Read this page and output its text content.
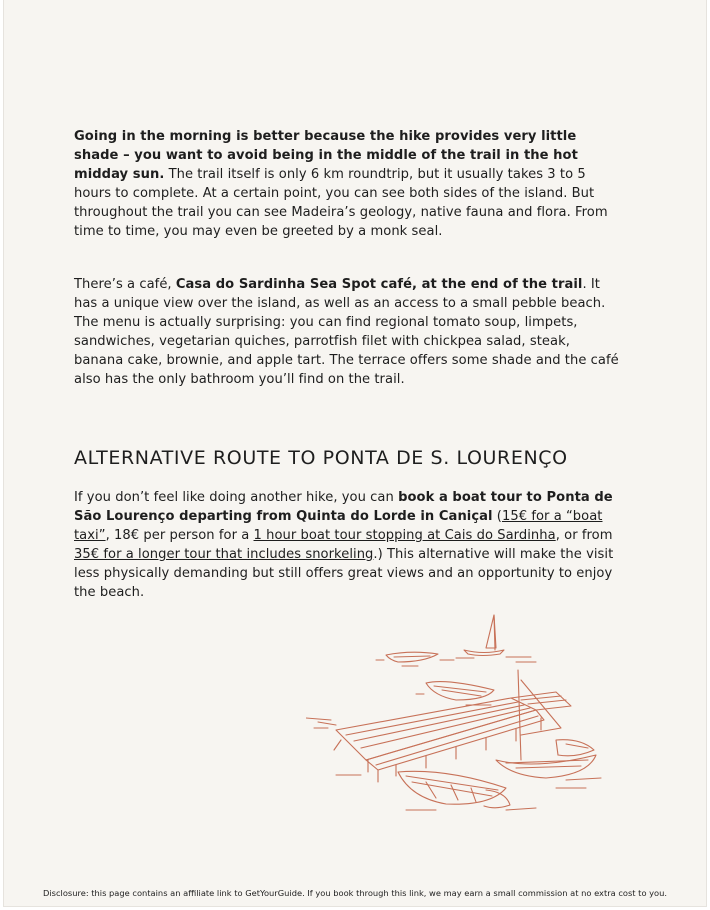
Going in the morning is better because the hike provides very little shade – you want to avoid being in the middle of the trail in the hot midday sun. The trail itself is only 6 km roundtrip, but it usually takes 3 to 5 hours to complete. At a certain point, you can see both sides of the island. But throughout the trail you can see Madeira’s geology, native fauna and flora. From time to time, you may even be greeted by a monk seal.

There’s a café, Casa do Sardinha Sea Spot café, at the end of the trail. It has a unique view over the island, as well as an access to a small pebble beach. The menu is actually surprising: you can find regional tomato soup, limpets, sandwiches, vegetarian quiches, parrotfish filet with chickpea salad, steak, banana cake, brownie, and apple tart. The terrace offers some shade and the café also has the only bathroom you’ll find on the trail.

ALTERNATIVE ROUTE TO PONTA DE S. LOURENÇO

If you don’t feel like doing another hike, you can book a boat tour to Ponta de São Lourenço departing from Quinta do Lorde in Caniçal (15€ for a “boat taxi”, 18€ per person for a 1 hour boat tour stopping at Cais do Sardinha, or from 35€ for a longer tour that includes snorkeling.) This alternative will make the visit less physically demanding but still offers great views and an opportunity to enjoy the beach.

Disclosure: this page contains an affiliate link to GetYourGuide. If you book through this link, we may earn a small commission at no extra cost to you.
